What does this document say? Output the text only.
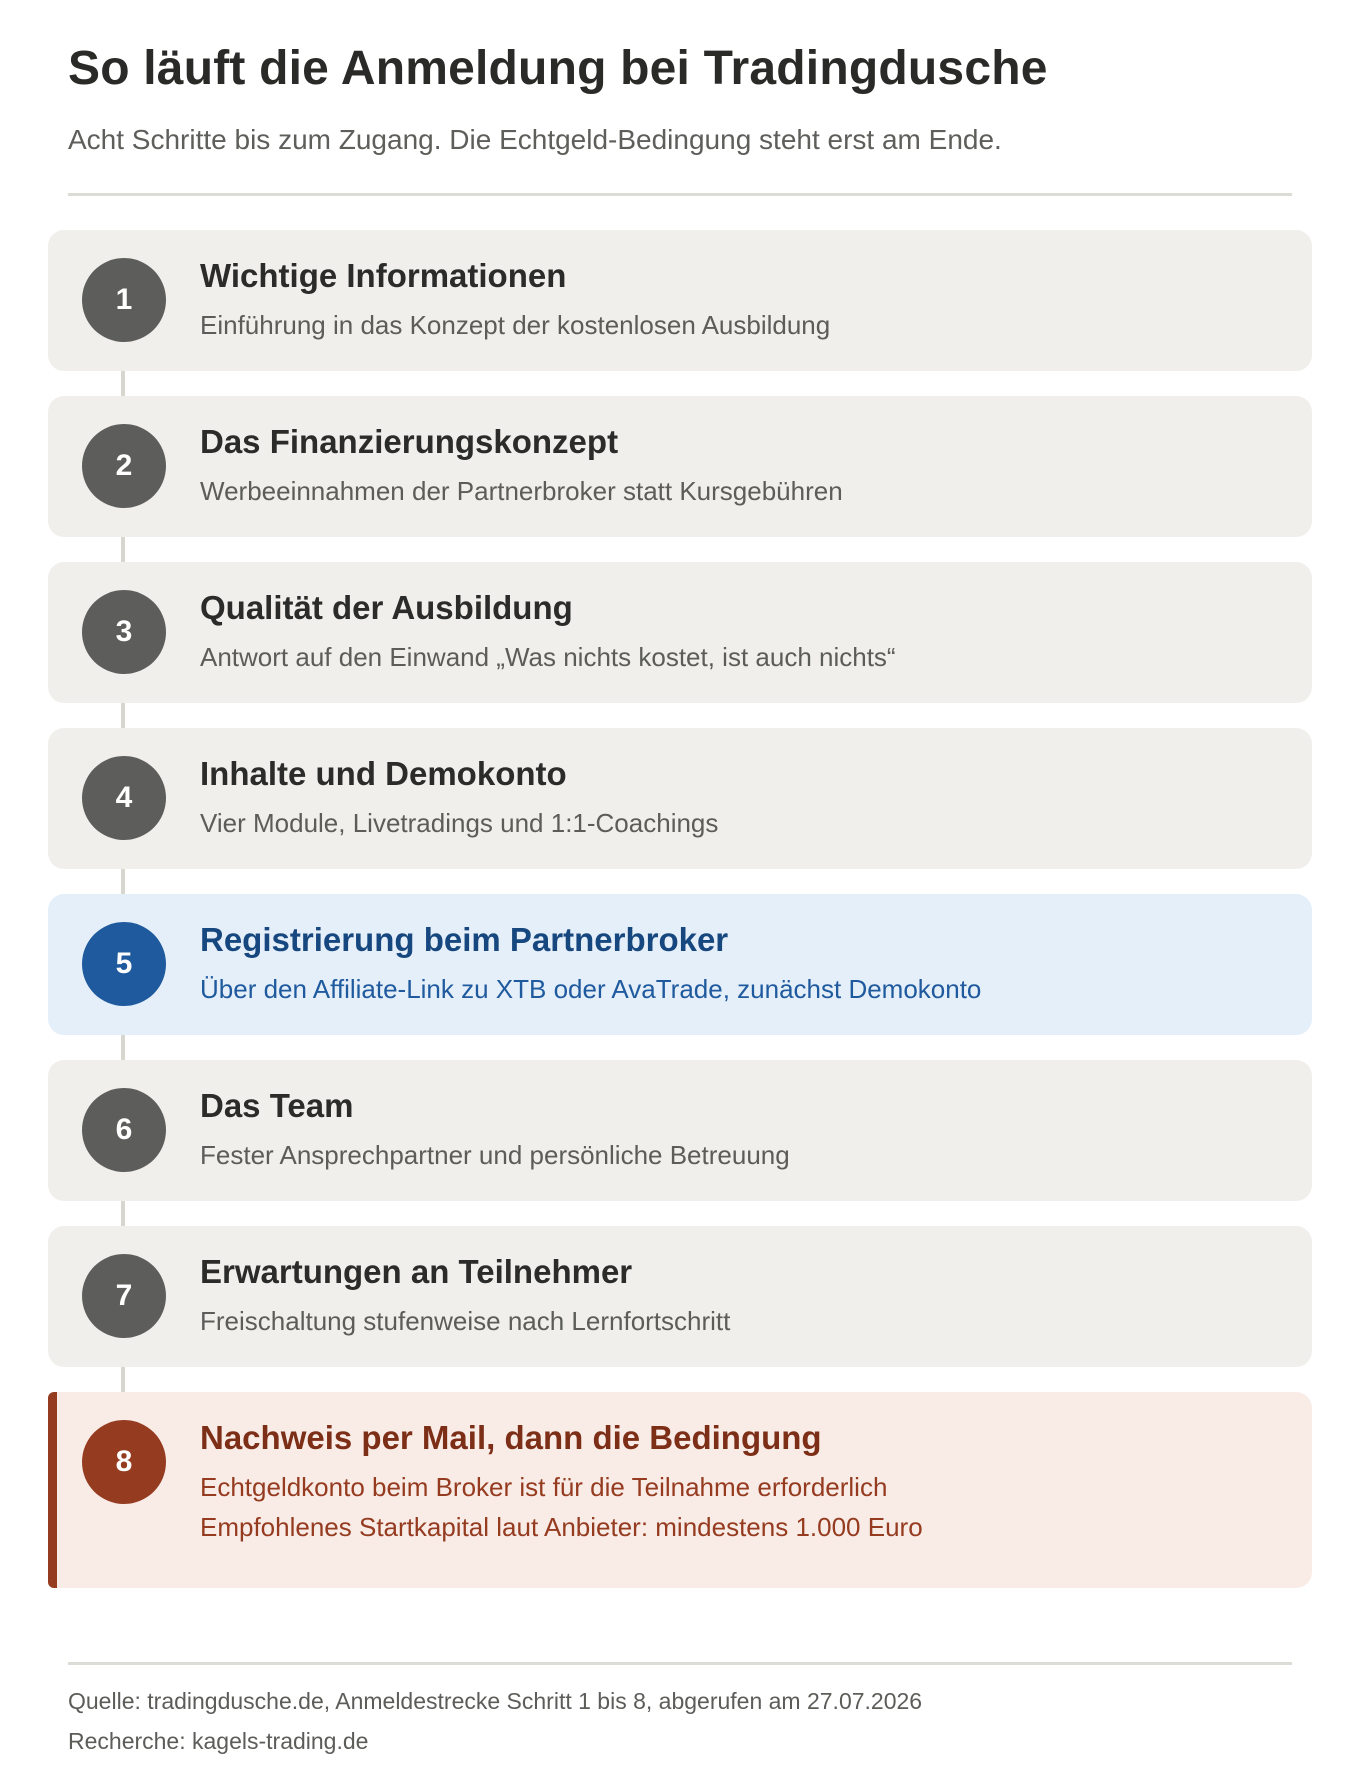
So läuft die Anmeldung bei Tradingdusche

Acht Schritte bis zum Zugang. Die Echtgeld-Bedingung steht erst am Ende.

1

Wichtige Informationen

Einführung in das Konzept der kostenlosen Ausbildung

2

Das Finanzierungskonzept

Werbeeinnahmen der Partnerbroker statt Kursgebühren

3

Qualität der Ausbildung

Antwort auf den Einwand „Was nichts kostet, ist auch nichts“

4

Inhalte und Demokonto

Vier Module, Livetradings und 1:1-Coachings

5

Registrierung beim Partnerbroker

Über den Affiliate-Link zu XTB oder AvaTrade, zunächst Demokonto

6

Das Team

Fester Ansprechpartner und persönliche Betreuung

7

Erwartungen an Teilnehmer

Freischaltung stufenweise nach Lernfortschritt

8

Nachweis per Mail, dann die Bedingung

Echtgeldkonto beim Broker ist für die Teilnahme erforderlich

Empfohlenes Startkapital laut Anbieter: mindestens 1.000 Euro

Quelle: tradingdusche.de, Anmeldestrecke Schritt 1 bis 8, abgerufen am 27.07.2026

Recherche: kagels-trading.de
